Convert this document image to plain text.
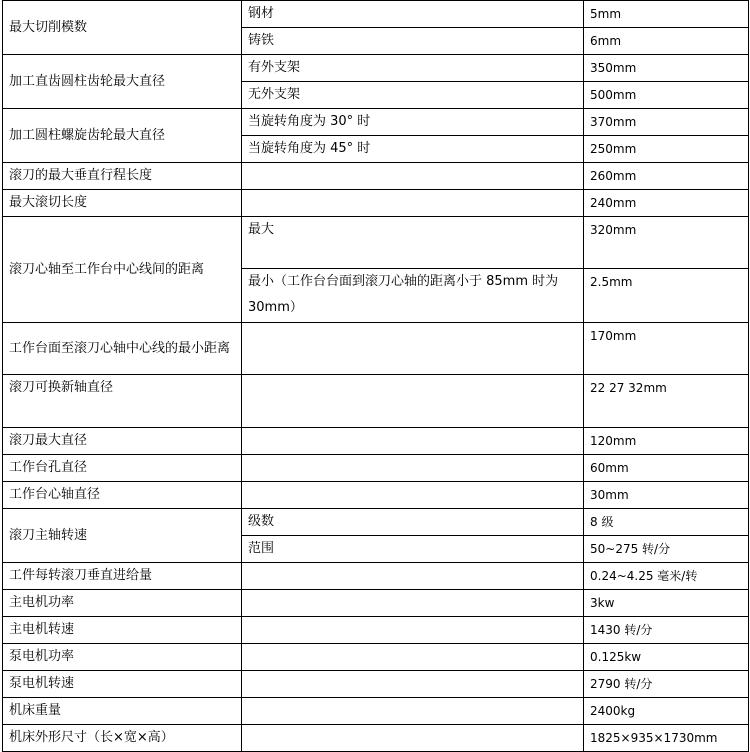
最大切削模数	钢材	5mm
	铸铁	6mm
加工直齿圆柱齿轮最大直径	有外支架	350mm
	无外支架	500mm
加工圆柱螺旋齿轮最大直径	当旋转角度为 30° 时	370mm
	当旋转角度为 45° 时	250mm
滚刀的最大垂直行程长度		260mm
最大滚切长度		240mm
滚刀心轴至工作台中心线间的距离	最大	320mm
	最小（工作台台面到滚刀心轴的距离小于 85mm 时为 30mm）	2.5mm
工作台面至滚刀心轴中心线的最小距离		170mm
滚刀可换新轴直径		22 27 32mm
滚刀最大直径		120mm
工作台孔直径		60mm
工作台心轴直径		30mm
滚刀主轴转速	级数	8 级
	范围	50~275 转/分
工件每转滚刀垂直进给量		0.24~4.25 毫米/转
主电机功率		3kw
主电机转速		1430 转/分
泵电机功率		0.125kw
泵电机转速		2790 转/分
机床重量		2400kg
机床外形尺寸（长×宽×高）		1825×935×1730mm
